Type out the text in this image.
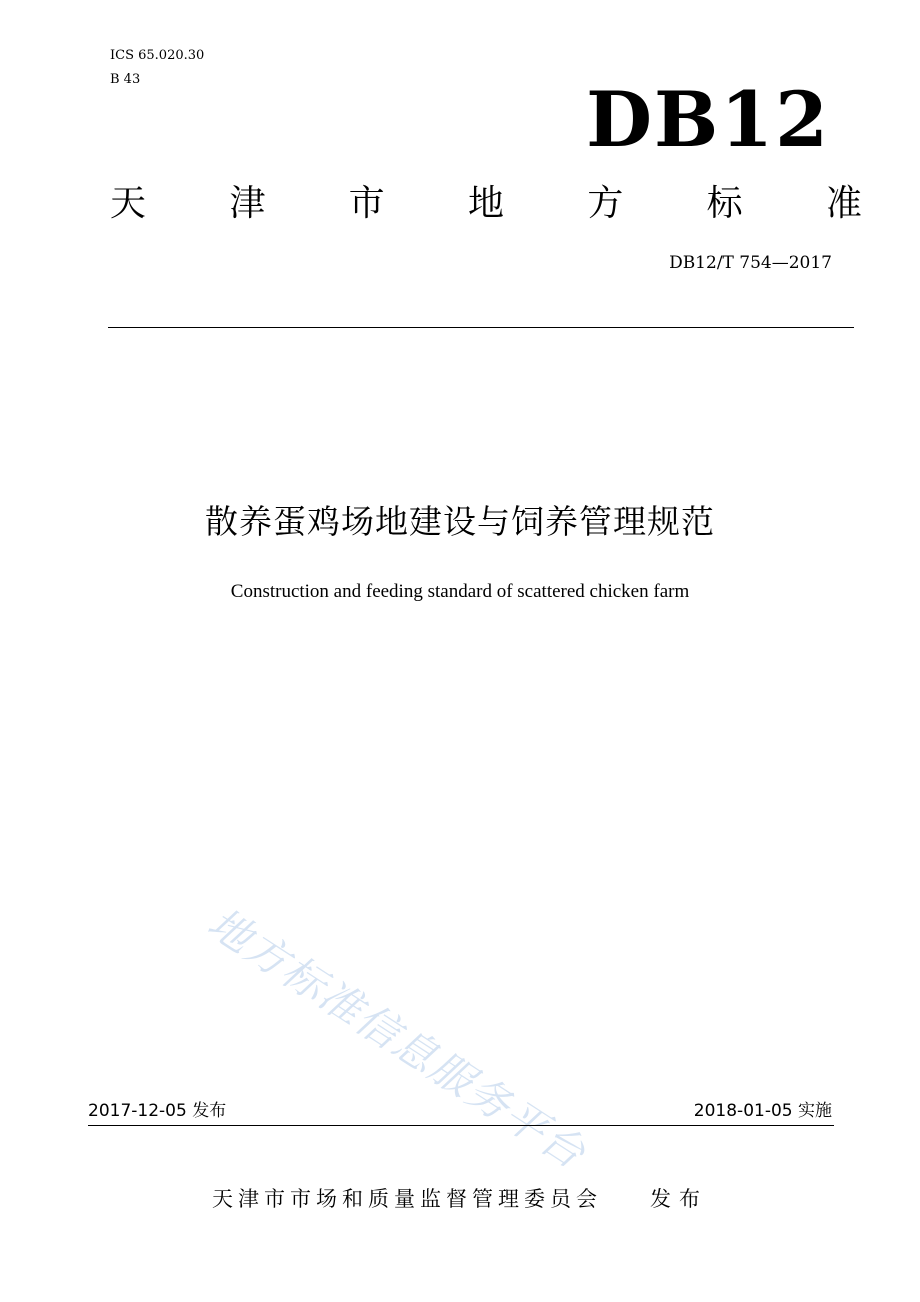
ICS 65.020.30
B 43	DB12
天 津 市 地 方 标 准
DB12/T 754—2017
散养蛋鸡场地建设与饲养管理规范
Construction and feeding standard of scattered chicken farm
地方标准信息服务平台
2017-12-05 发布	2018-01-05 实施
天津市市场和质量监督管理委员会 发布
